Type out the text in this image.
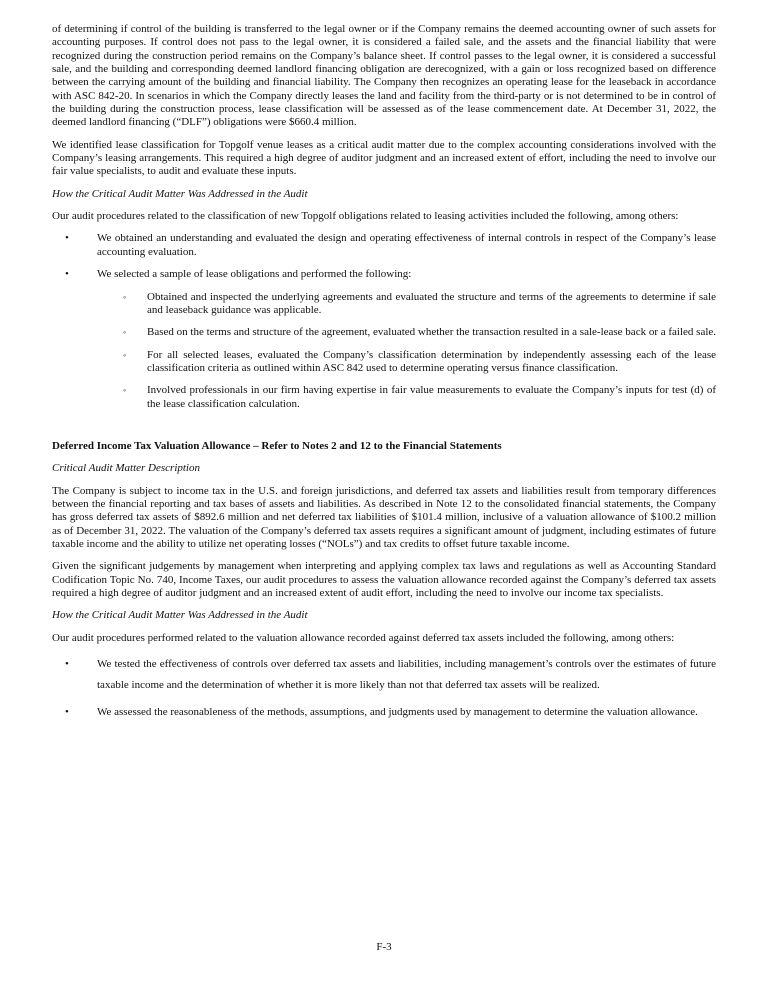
of determining if control of the building is transferred to the legal owner or if the Company remains the deemed accounting owner of such assets for accounting purposes. If control does not pass to the legal owner, it is considered a failed sale, and the assets and the financial liability that were recognized during the construction period remains on the Company’s balance sheet. If control passes to the legal owner, it is considered a successful sale, and the building and corresponding deemed landlord financing obligation are derecognized, with a gain or loss recognized based on difference between the carrying amount of the building and financial liability. The Company then recognizes an operating lease for the leaseback in accordance with ASC 842-20. In scenarios in which the Company directly leases the land and facility from the third-party or is not determined to be in control of the building during the construction process, lease classification will be assessed as of the lease commencement date. At December 31, 2022, the deemed landlord financing (“DLF”) obligations were $660.4 million.
We identified lease classification for Topgolf venue leases as a critical audit matter due to the complex accounting considerations involved with the Company’s leasing arrangements. This required a high degree of auditor judgment and an increased extent of effort, including the need to involve our fair value specialists, to audit and evaluate these inputs.
How the Critical Audit Matter Was Addressed in the Audit
Our audit procedures related to the classification of new Topgolf obligations related to leasing activities included the following, among others:
•	We obtained an understanding and evaluated the design and operating effectiveness of internal controls in respect of the Company’s lease accounting evaluation.
•	We selected a sample of lease obligations and performed the following:
◦	Obtained and inspected the underlying agreements and evaluated the structure and terms of the agreements to determine if sale and leaseback guidance was applicable.
◦	Based on the terms and structure of the agreement, evaluated whether the transaction resulted in a sale-lease back or a failed sale.
◦	For all selected leases, evaluated the Company’s classification determination by independently assessing each of the lease classification criteria as outlined within ASC 842 used to determine operating versus finance classification.
◦	Involved professionals in our firm having expertise in fair value measurements to evaluate the Company’s inputs for test (d) of the lease classification calculation.
Deferred Income Tax Valuation Allowance – Refer to Notes 2 and 12 to the Financial Statements
Critical Audit Matter Description
The Company is subject to income tax in the U.S. and foreign jurisdictions, and deferred tax assets and liabilities result from temporary differences between the financial reporting and tax bases of assets and liabilities. As described in Note 12 to the consolidated financial statements, the Company has gross deferred tax assets of $892.6 million and net deferred tax liabilities of $101.4 million, inclusive of a valuation allowance of $100.2 million as of December 31, 2022. The valuation of the Company’s deferred tax assets requires a significant amount of judgment, including estimates of future taxable income and the ability to utilize net operating losses (“NOLs”) and tax credits to offset future taxable income.
Given the significant judgements by management when interpreting and applying complex tax laws and regulations as well as Accounting Standard Codification Topic No. 740, Income Taxes, our audit procedures to assess the valuation allowance recorded against the Company’s deferred tax assets required a high degree of auditor judgment and an increased extent of audit effort, including the need to involve our income tax specialists.
How the Critical Audit Matter Was Addressed in the Audit
Our audit procedures performed related to the valuation allowance recorded against deferred tax assets included the following, among others:
•	We tested the effectiveness of controls over deferred tax assets and liabilities, including management’s controls over the estimates of future taxable income and the determination of whether it is more likely than not that deferred tax assets will be realized.
•	We assessed the reasonableness of the methods, assumptions, and judgments used by management to determine the valuation allowance.
F-3
